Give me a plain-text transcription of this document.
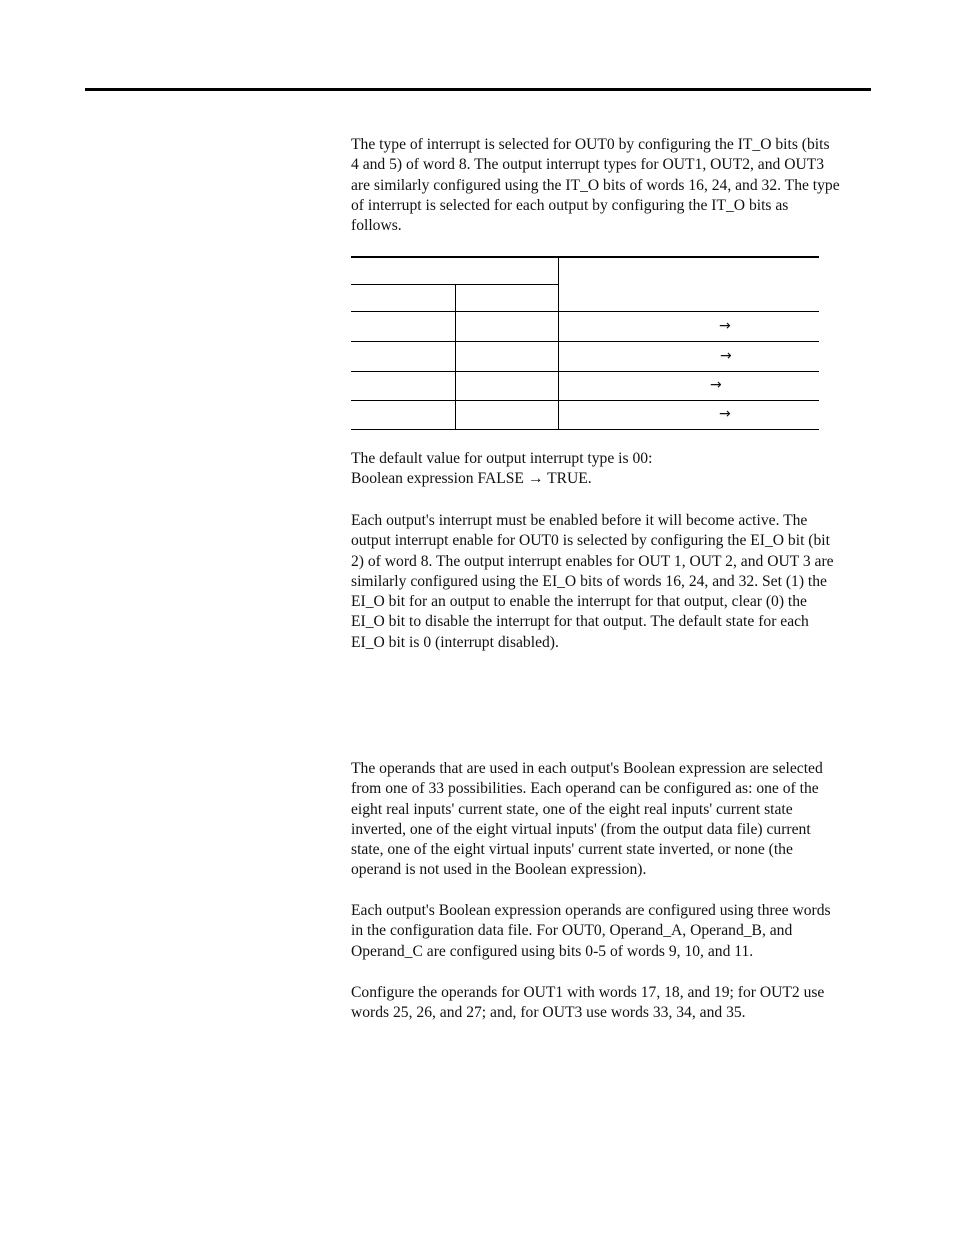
The type of interrupt is selected for OUT0 by configuring the IT_O bits (bits
4 and 5) of word 8. The output interrupt types for OUT1, OUT2, and OUT3
are similarly configured using the IT_O bits of words 16, 24, and 32. The type
of interrupt is selected for each output by configuring the IT_O bits as
follows.

→
→
→
→

The default value for output interrupt type is 00:
Boolean expression FALSE → TRUE.

Each output's interrupt must be enabled before it will become active. The
output interrupt enable for OUT0 is selected by configuring the EI_O bit (bit
2) of word 8. The output interrupt enables for OUT 1, OUT 2, and OUT 3 are
similarly configured using the EI_O bits of words 16, 24, and 32. Set (1) the
EI_O bit for an output to enable the interrupt for that output, clear (0) the
EI_O bit to disable the interrupt for that output. The default state for each
EI_O bit is 0 (interrupt disabled).

The operands that are used in each output's Boolean expression are selected
from one of 33 possibilities. Each operand can be configured as: one of the
eight real inputs' current state, one of the eight real inputs' current state
inverted, one of the eight virtual inputs' (from the output data file) current
state, one of the eight virtual inputs' current state inverted, or none (the
operand is not used in the Boolean expression).

Each output's Boolean expression operands are configured using three words
in the configuration data file. For OUT0, Operand_A, Operand_B, and
Operand_C are configured using bits 0-5 of words 9, 10, and 11.

Configure the operands for OUT1 with words 17, 18, and 19; for OUT2 use
words 25, 26, and 27; and, for OUT3 use words 33, 34, and 35.
